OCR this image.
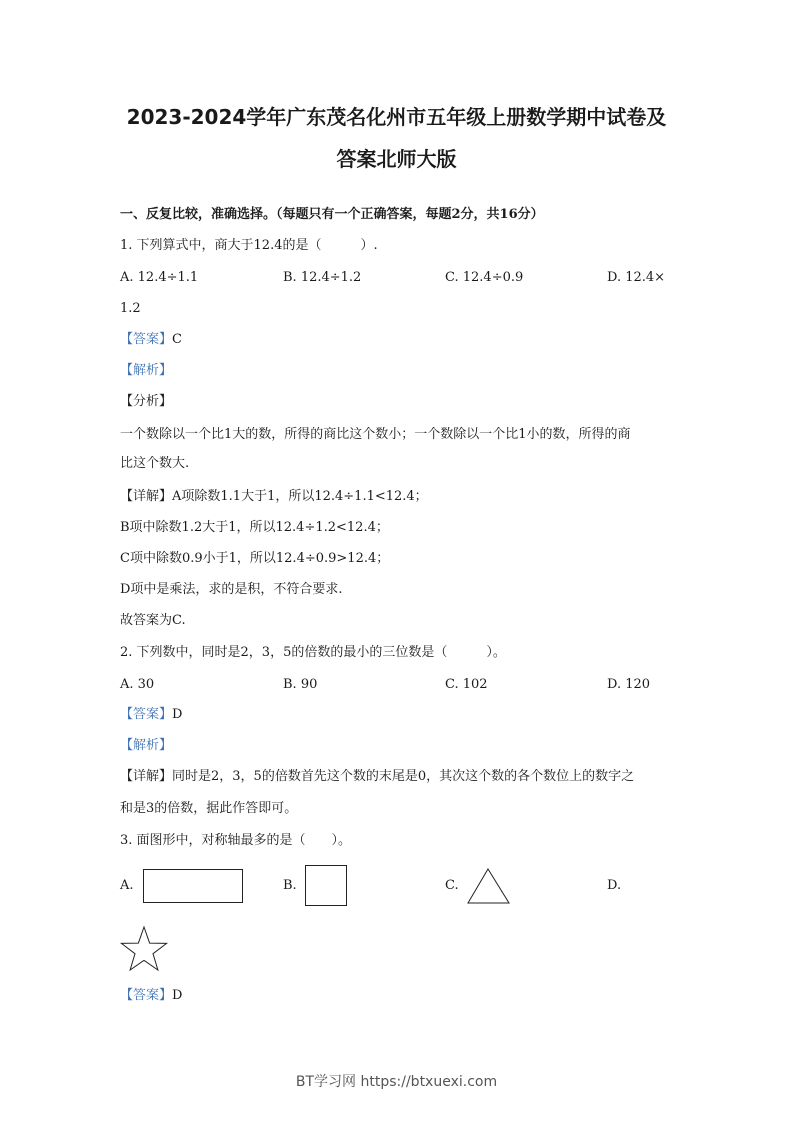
2023-2024学年广东茂名化州市五年级上册数学期中试卷及
答案北师大版
一、反复比较，准确选择。（每题只有一个正确答案，每题2分，共16分）
1. 下列算式中，商大于12.4的是（　　　）.
A. 12.4÷1.1	B. 12.4÷1.2	C. 12.4÷0.9	D. 12.4×
1.2
【答案】C
【解析】
【分析】
一个数除以一个比1大的数，所得的商比这个数小；一个数除以一个比1小的数，所得的商
比这个数大.
【详解】A项除数1.1大于1，所以12.4÷1.1<12.4；
B项中除数1.2大于1，所以12.4÷1.2<12.4；
C项中除数0.9小于1，所以12.4÷0.9>12.4；
D项中是乘法，求的是积，不符合要求.
故答案为C.
2. 下列数中，同时是2，3，5的倍数的最小的三位数是（　　　）。
A. 30	B. 90	C. 102	D. 120
【答案】D
【解析】
【详解】同时是2，3，5的倍数首先这个数的末尾是0，其次这个数的各个数位上的数字之
和是3的倍数，据此作答即可。
3. 面图形中，对称轴最多的是（　　）。
A.	B.	C.	D.
【答案】D
BT学习网 https://btxuexi.com
